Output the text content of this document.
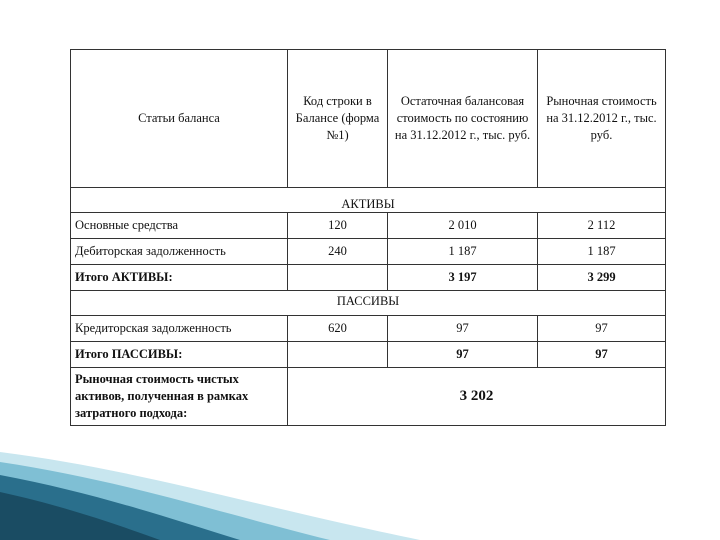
Статьи баланса	Код строки в Балансе (форма №1)	Остаточная балансовая стоимость по состоянию на 31.12.2012 г., тыс. руб.	Рыночная стоимость на 31.12.2012 г., тыс. руб.
АКТИВЫ			
Основные средства	120	2 010	2 112
Дебиторская задолженность	240	1 187	1 187
Итого АКТИВЫ:		3 197	3 299
ПАССИВЫ			
Кредиторская задолженность	620	97	97
Итого ПАССИВЫ:		97	97
Рыночная стоимость чистых активов, полученная в рамках затратного подхода:	3 202		
